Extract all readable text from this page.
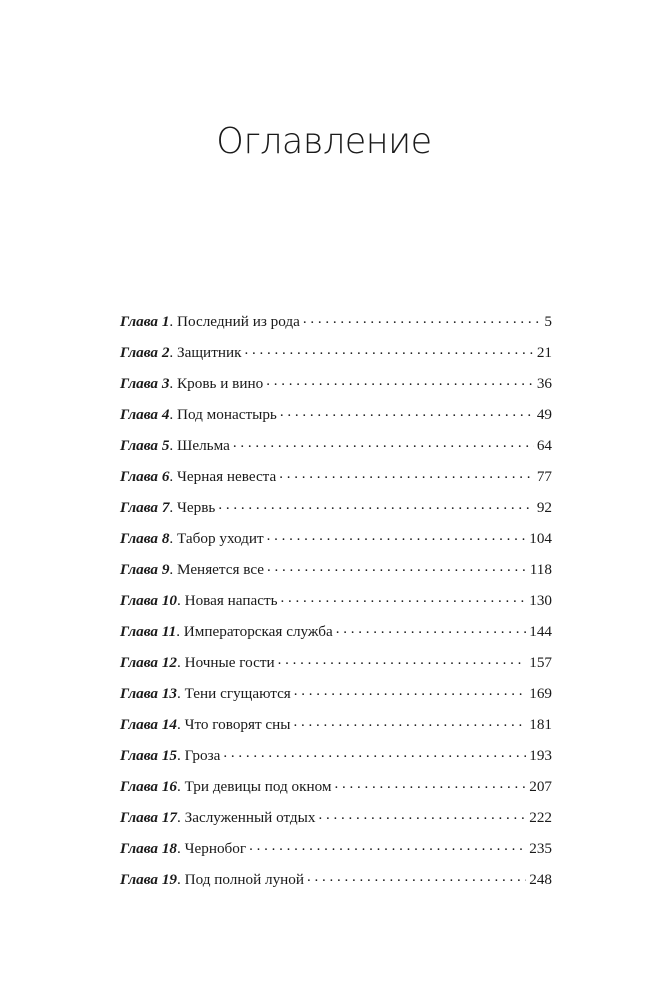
Оглавление
Глава 1 . Последний из рода . . .	5
Глава 2 . Защитник . . .	21
Глава 3 . Кровь и вино . . .	36
Глава 4 . Под монастырь . . .	49
Глава 5 . Шельма . . .	64
Глава 6 . Черная невеста . . .	77
Глава 7 . Червь . . .	92
Глава 8 . Табор уходит . . .	104
Глава 9 . Меняется все . . .	118
Глава 10 . Новая напасть . . .	130
Глава 11 . Императорская служба . . .	144
Глава 12 . Ночные гости . . .	157
Глава 13 . Тени сгущаются . . .	169
Глава 14 . Что говорят сны . . .	181
Глава 15 . Гроза . . .	193
Глава 16 . Три девицы под окном . . .	207
Глава 17 . Заслуженный отдых . . .	222
Глава 18 . Чернобог . . .	235
Глава 19 . Под полной луной . . .	248
